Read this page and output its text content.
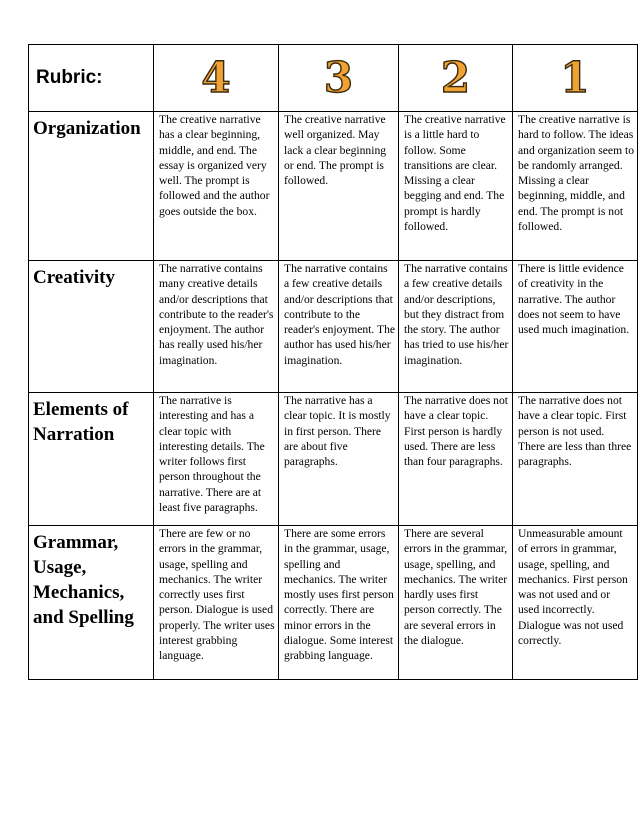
Rubric:	4	3	2	1
Organization	The creative narrative has a clear beginning, middle, and end. The essay is organized very well. The prompt is followed and the author goes outside the box.	The creative narrative well organized. May lack a clear beginning or end. The prompt is followed.	The creative narrative is a little hard to follow. Some transitions are clear. Missing a clear begging and end. The prompt is hardly followed.	The creative narrative is hard to follow. The ideas and organization seem to be randomly arranged. Missing a clear beginning, middle, and end. The prompt is not followed.
Creativity	The narrative contains many creative details and/or descriptions that contribute to the reader's enjoyment. The author has really used his/her imagination.	The narrative contains a few creative details and/or descriptions that contribute to the reader's enjoyment. The author has used his/her imagination.	The narrative contains a few creative details and/or descriptions, but they distract from the story. The author has tried to use his/her imagination.	There is little evidence of creativity in the narrative. The author does not seem to have used much imagination.
Elements of Narration	The narrative is interesting and has a clear topic with interesting details. The writer follows first person throughout the narrative. There are at least five paragraphs.	The narrative has a clear topic. It is mostly in first person. There are about five paragraphs.	The narrative does not have a clear topic. First person is hardly used. There are less than four paragraphs.	The narrative does not have a clear topic. First person is not used. There are less than three paragraphs.
Grammar, Usage, Mechanics, and Spelling	There are few or no errors in the grammar, usage, spelling and mechanics. The writer correctly uses first person. Dialogue is used properly. The writer uses interest grabbing language.	There are some errors in the grammar, usage, spelling and mechanics. The writer mostly uses first person correctly. There are minor errors in the dialogue. Some interest grabbing language.	There are several errors in the grammar, usage, spelling, and mechanics. The writer hardly uses first person correctly. The are several errors in the dialogue.	Unmeasurable amount of errors in grammar, usage, spelling, and mechanics. First person was not used and or used incorrectly. Dialogue was not used correctly.
